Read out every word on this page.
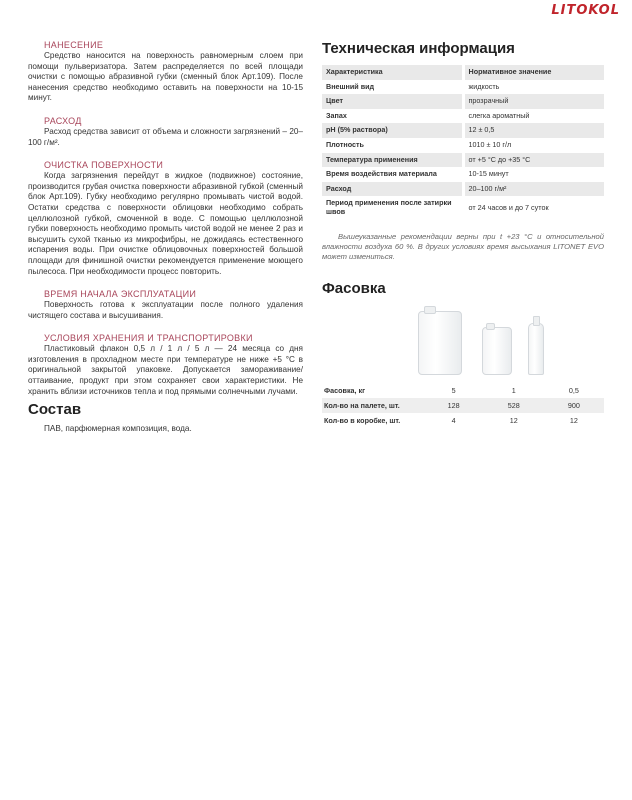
LITOKOL
НАНЕСЕНИЕ
Средство наносится на поверхность равномерным слоем при помощи пульверизатора. Затем распределяется по всей площади очистки с помощью абразивной губки (сменный блок Арт.109). После нанесения средство необходимо оставить на поверхности на 10-15 минут.
РАСХОД
Расход средства зависит от объема и сложности загрязнений – 20–100 г/м².
ОЧИСТКА ПОВЕРХНОСТИ
Когда загрязнения перейдут в жидкое (подвижное) состояние, производится грубая очистка поверхности абразивной губкой (сменный блок Арт.109). Губку необходимо регулярно промывать чистой водой. Остатки средства с поверхности облицовки необходимо собрать целлюлозной губкой, смоченной в воде. С помощью целлюлозной губки поверхность необходимо промыть чистой водой не менее 2 раз и высушить сухой тканью из микрофибры, не дожидаясь естественного испарения воды. При очистке облицовочных поверхностей большой площади для финишной очистки рекомендуется применение моющего пылесоса. При необходимости процесс повторить.
ВРЕМЯ НАЧАЛА ЭКСПЛУАТАЦИИ
Поверхность готова к эксплуатации после полного удаления чистящего состава и высушивания.
УСЛОВИЯ ХРАНЕНИЯ И ТРАНСПОРТИРОВКИ
Пластиковый флакон 0,5 л / 1 л / 5 л — 24 месяца со дня изготовления в прохладном месте при температуре не ниже +5 °С в оригинальной закрытой упаковке. Допускается замораживание/оттаивание, продукт при этом сохраняет свои характеристики. Не хранить вблизи источников тепла и под прямыми солнечными лучами.
Состав
ПАВ, парфюмерная композиция, вода.
Техническая информация
Характеристика	Нормативное значение
Внешний вид	жидкость
Цвет	прозрачный
Запах	слегка ароматный
pH (5% раствора)	12 ± 0,5
Плотность	1010 ± 10 г/л
Температура применения	от +5 °С до +35 °С
Время воздействия материала	10-15 минут
Расход	20–100 г/м²
Период применения после затирки швов	от 24 часов и до 7 суток
Вышеуказанные рекомендации верны при t +23 °C и относительной влажности воздуха 60 %. В других условиях время высыхания LITONET EVO может измениться.
Фасовка
Фасовка, кг	5	1	0,5
Кол-во на палете, шт.	128	528	900
Кол-во в коробке, шт.	4	12	12
